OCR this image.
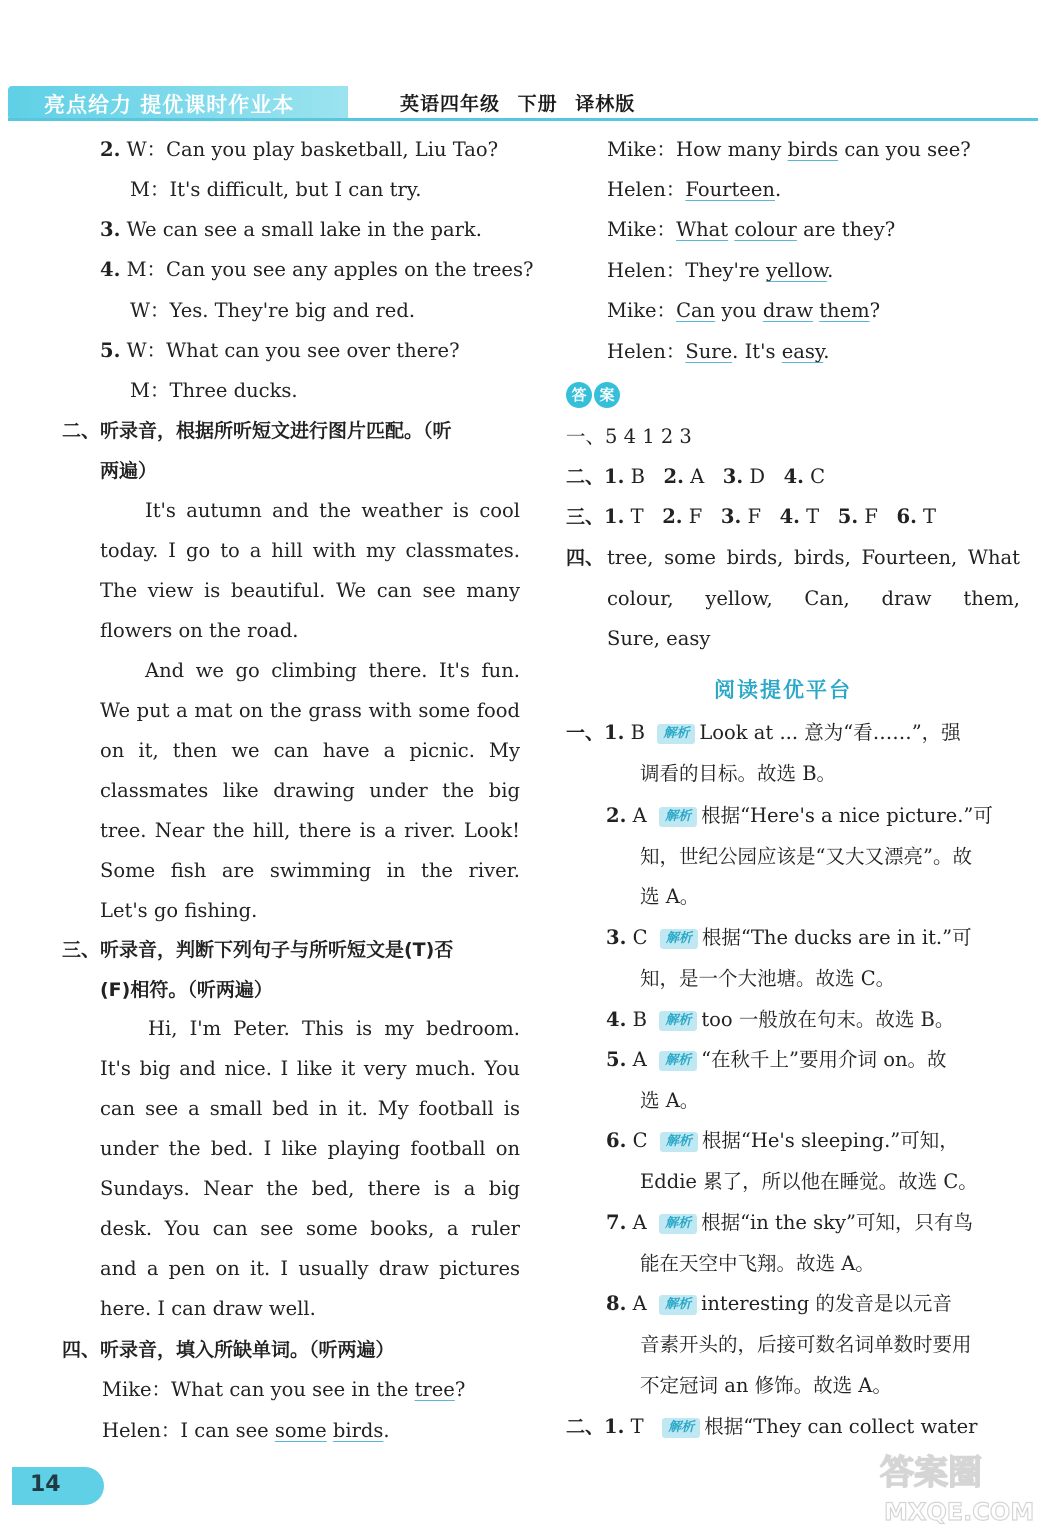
亮点给力 提优课时作业本	英语四年级 下册 译林版
2. W：Can you play basketball, Liu Tao?
M：It's difficult, but I can try.
3. We can see a small lake in the park.
4. M：Can you see any apples on the trees?
W：Yes. They're big and red.
5. W：What can you see over there?
M：Three ducks.
二、听录音，根据所听短文进行图片匹配。（听
两遍）
It's autumn and the weather is cool
today. I go to a hill with my classmates.
The view is beautiful. We can see many
flowers on the road.
And we go climbing there. It's fun.
We put a mat on the grass with some food
on it, then we can have a picnic. My
classmates like drawing under the big
tree. Near the hill, there is a river. Look!
Some fish are swimming in the river.
Let's go fishing.
三、听录音，判断下列句子与所听短文是(T)否
(F)相符。（听两遍）
Hi, I'm Peter. This is my bedroom.
It's big and nice. I like it very much. You
can see a small bed in it. My football is
under the bed. I like playing football on
Sundays. Near the bed, there is a big
desk. You can see some books, a ruler
and a pen on it. I usually draw pictures
here. I can draw well.
四、听录音，填入所缺单词。（听两遍）
Mike：What can you see in the tree?
Helen：I can see some birds.
Mike：How many birds can you see?
Helen：Fourteen.
Mike：What colour are they?
Helen：They're yellow.
Mike：Can you draw them?
Helen：Sure. It's easy.
答 案
一、5 4 1 2 3
二、1. B 2. A 3. D 4. C
三、1. T 2. F 3. F 4. T 5. F 6. T
四、 tree, some birds, birds, Fourteen, What
colour, yellow, Can, draw them,
Sure, easy
阅读提优平台
一、1. B 解析 Look at ... 意为“看……”，强
调看的目标。故选 B。
2. A 解析 根据“Here's a nice picture.”可
知，世纪公园应该是“又大又漂亮”。故
选 A。
3. C 解析 根据“The ducks are in it.”可
知，是一个大池塘。故选 C。
4. B 解析 too 一般放在句末。故选 B。
5. A 解析 “在秋千上”要用介词 on。故
选 A。
6. C 解析 根据“He's sleeping.”可知，
Eddie 累了，所以他在睡觉。故选 C。
7. A 解析 根据“in the sky”可知，只有鸟
能在天空中飞翔。故选 A。
8. A 解析 interesting 的发音是以元音
音素开头的，后接可数名词单数时要用
不定冠词 an 修饰。故选 A。
二、1. T 解析 根据“They can collect water
14	答案圈
MXQE.COM
